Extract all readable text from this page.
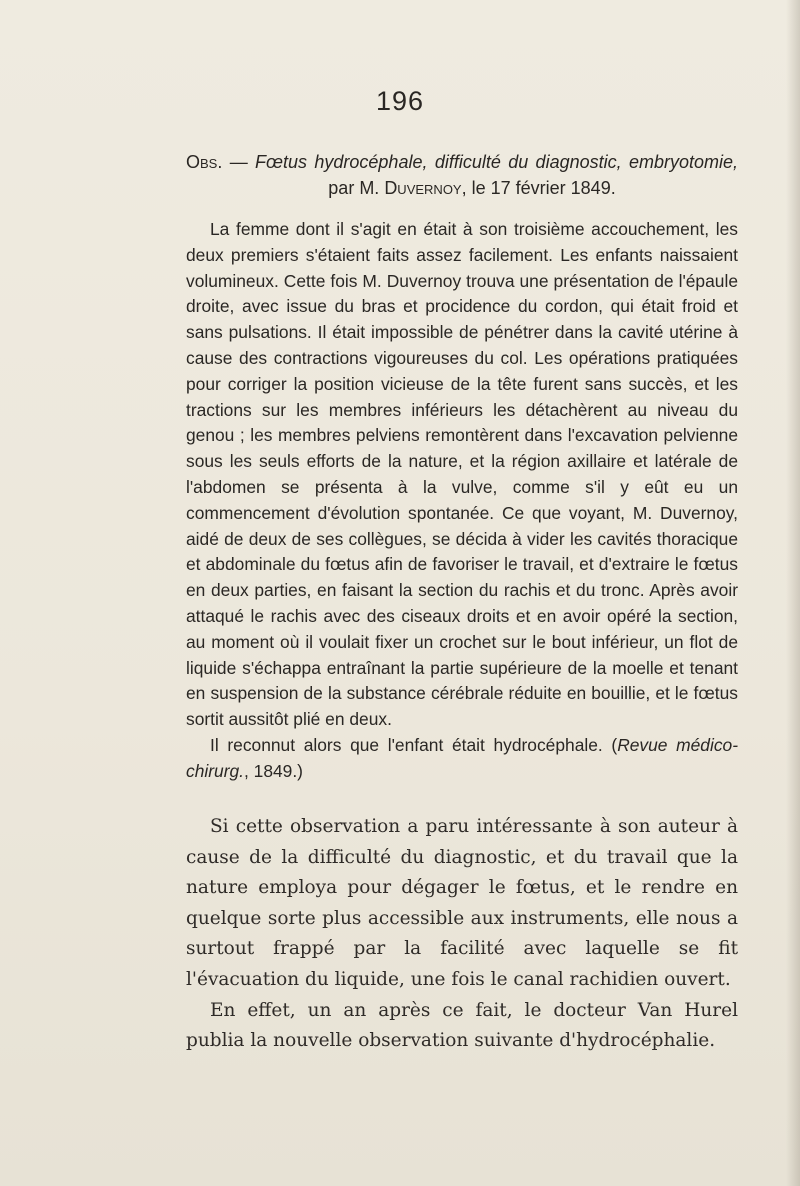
196
Obs. — Fœtus hydrocéphale, difficulté du diagnostic, embryotomie,
par M. Duvernoy, le 17 février 1849.

La femme dont il s'agit en était à son troisième accouchement, les deux premiers s'étaient faits assez facilement. Les enfants naissaient volumineux. Cette fois M. Duvernoy trouva une présentation de l'épaule droite, avec issue du bras et procidence du cordon, qui était froid et sans pulsations. Il était impossible de pénétrer dans la cavité utérine à cause des contractions vigoureuses du col. Les opérations pratiquées pour corriger la position vicieuse de la tête furent sans succès, et les tractions sur les membres inférieurs les détachèrent au niveau du genou ; les membres pelviens remontèrent dans l'excavation pelvienne sous les seuls efforts de la nature, et la région axillaire et latérale de l'abdomen se présenta à la vulve, comme s'il y eût eu un commencement d'évolution spontanée. Ce que voyant, M. Duvernoy, aidé de deux de ses collègues, se décida à vider les cavités thoracique et abdominale du fœtus afin de favoriser le travail, et d'extraire le fœtus en deux parties, en faisant la section du rachis et du tronc. Après avoir attaqué le rachis avec des ciseaux droits et en avoir opéré la section, au moment où il voulait fixer un crochet sur le bout inférieur, un flot de liquide s'échappa entraînant la partie supérieure de la moelle et tenant en suspension de la substance cérébrale réduite en bouillie, et le fœtus sortit aussitôt plié en deux.

Il reconnut alors que l'enfant était hydrocéphale. (Revue médico-chirurg., 1849.)

Si cette observation a paru intéressante à son auteur à cause de la difficulté du diagnostic, et du travail que la nature employa pour dégager le fœtus, et le rendre en quelque sorte plus accessible aux instruments, elle nous a surtout frappé par la facilité avec laquelle se fit l'évacuation du liquide, une fois le canal rachidien ouvert.

En effet, un an après ce fait, le docteur Van Hurel publia la nouvelle observation suivante d'hydrocéphalie.
